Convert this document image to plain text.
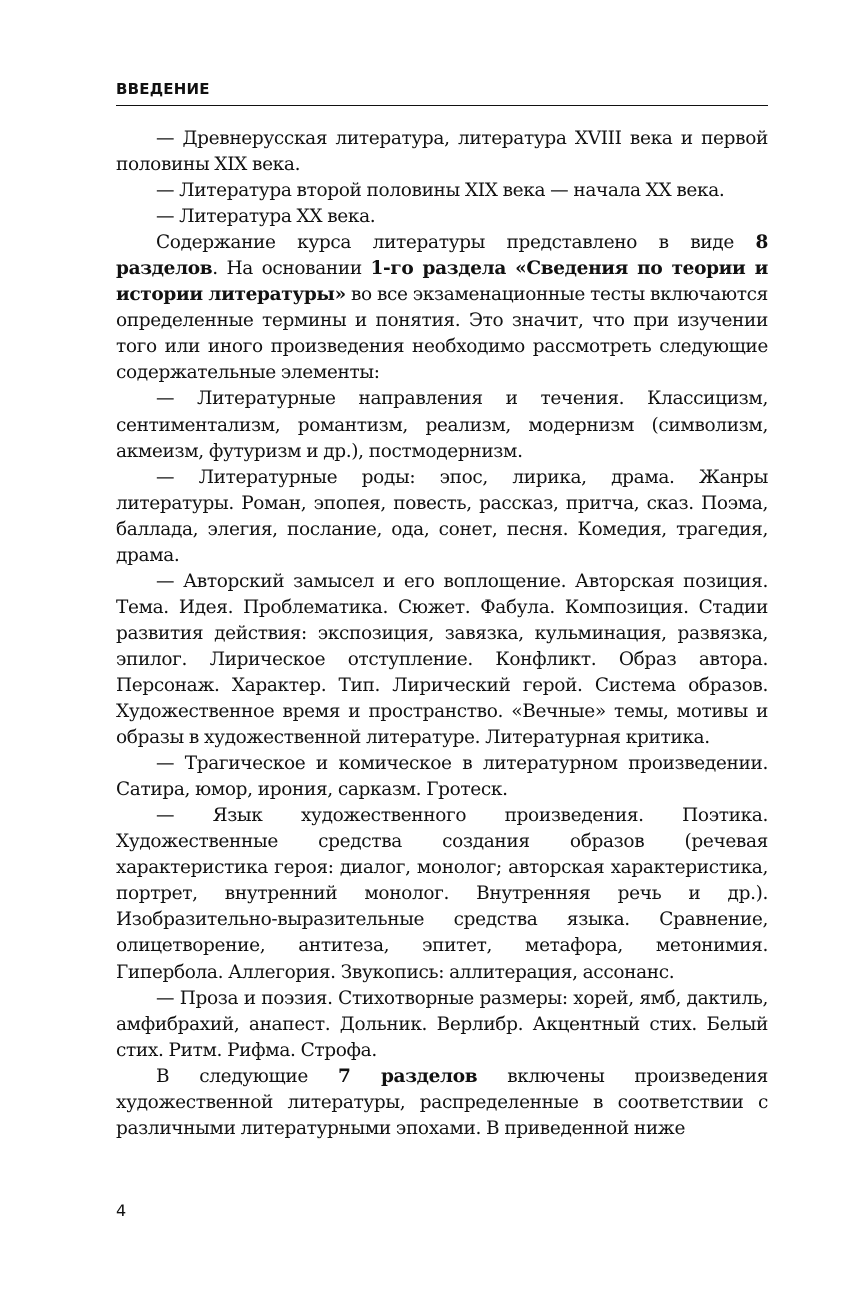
ВВЕДЕНИЕ

— Древнерусская литература, литература XVIII века и первой половины XIX века.

— Литература второй половины XIX века — начала XX века.

— Литература XX века.

Содержание курса литературы представлено в виде 8 разделов. На основании 1-го раздела «Сведения по теории и истории литературы» во все экзаменационные тесты включаются определенные термины и понятия. Это значит, что при изучении того или иного произведения необходимо рассмотреть следующие содержательные элементы:

— Литературные направления и течения. Классицизм, сентиментализм, романтизм, реализм, модернизм (символизм, акмеизм, футуризм и др.), постмодернизм.

— Литературные роды: эпос, лирика, драма. Жанры литературы. Роман, эпопея, повесть, рассказ, притча, сказ. Поэма, баллада, элегия, послание, ода, сонет, песня. Комедия, трагедия, драма.

— Авторский замысел и его воплощение. Авторская позиция. Тема. Идея. Проблематика. Сюжет. Фабула. Композиция. Стадии развития действия: экспозиция, завязка, кульминация, развязка, эпилог. Лирическое отступление. Конфликт. Образ автора. Персонаж. Характер. Тип. Лирический герой. Система образов. Художественное время и пространство. «Вечные» темы, мотивы и образы в художественной литературе. Литературная критика.

— Трагическое и комическое в литературном произведении. Сатира, юмор, ирония, сарказм. Гротеск.

— Язык художественного произведения. Поэтика. Художественные средства создания образов (речевая характеристика героя: диалог, монолог; авторская характеристика, портрет, внутренний монолог. Внутренняя речь и др.). Изобразительно-выразительные средства языка. Сравнение, олицетворение, антитеза, эпитет, метафора, метонимия. Гипербола. Аллегория. Звукопись: аллитерация, ассонанс.

— Проза и поэзия. Стихотворные размеры: хорей, ямб, дактиль, амфибрахий, анапест. Дольник. Верлибр. Акцентный стих. Белый стих. Ритм. Рифма. Строфа.

В следующие 7 разделов включены произведения художественной литературы, распределенные в соответствии с различными литературными эпохами. В приведенной ниже

4
